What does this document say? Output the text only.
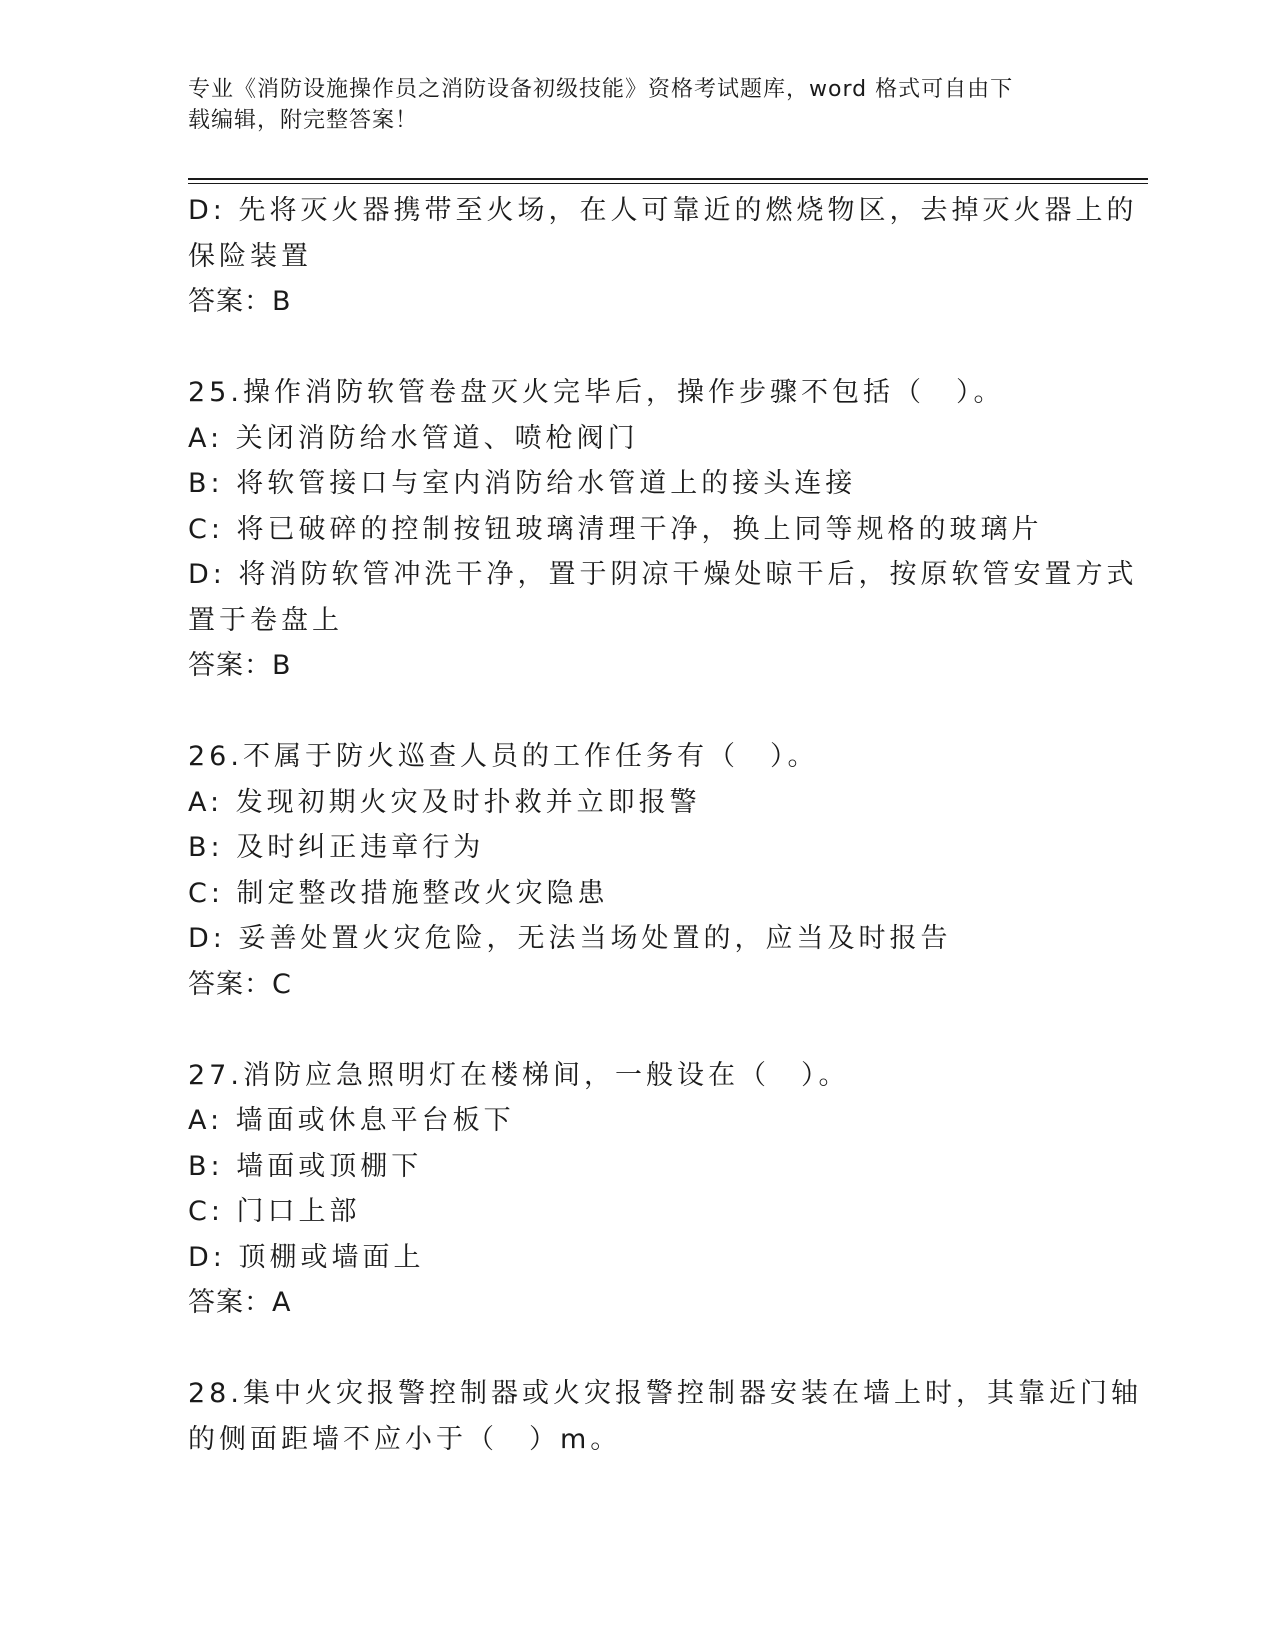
专业《消防设施操作员之消防设备初级技能》资格考试题库，word 格式可自由下
载编辑，附完整答案！
D: 先将灭火器携带至火场，在人可靠近的燃烧物区，去掉灭火器上的
保险装置
答案：B
25.操作消防软管卷盘灭火完毕后，操作步骤不包括（　）。
A: 关闭消防给水管道、喷枪阀门
B: 将软管接口与室内消防给水管道上的接头连接
C: 将已破碎的控制按钮玻璃清理干净，换上同等规格的玻璃片
D: 将消防软管冲洗干净，置于阴凉干燥处晾干后，按原软管安置方式
置于卷盘上
答案：B
26.不属于防火巡查人员的工作任务有（　）。
A: 发现初期火灾及时扑救并立即报警
B: 及时纠正违章行为
C: 制定整改措施整改火灾隐患
D: 妥善处置火灾危险，无法当场处置的，应当及时报告
答案：C
27.消防应急照明灯在楼梯间，一般设在（　）。
A: 墙面或休息平台板下
B: 墙面或顶棚下
C: 门口上部
D: 顶棚或墙面上
答案：A
28.集中火灾报警控制器或火灾报警控制器安装在墙上时，其靠近门轴
的侧面距墙不应小于（　）m。
